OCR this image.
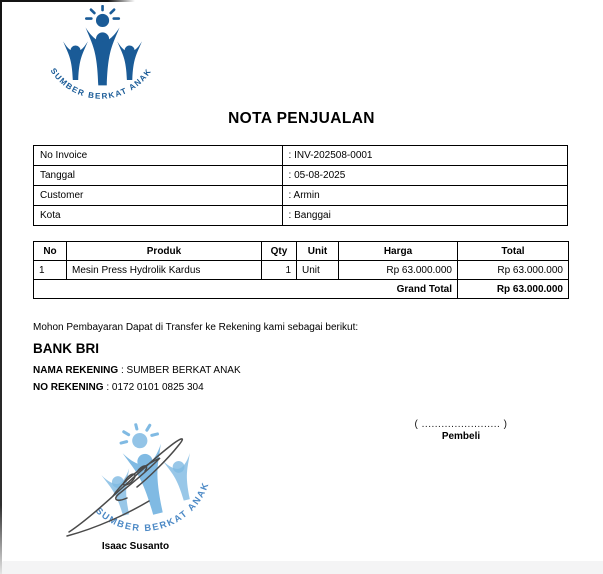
SUMBER BERKAT ANAK
NOTA PENJUALAN
No Invoice	: INV-202508-0001
Tanggal	: 05-08-2025
Customer	: Armin
Kota	: Banggai
No	Produk	Qty	Unit	Harga	Total
1	Mesin Press Hydrolik Kardus	1	Unit	Rp 63.000.000	Rp 63.000.000
Grand Total					Rp 63.000.000
Mohon Pembayaran Dapat di Transfer ke Rekening kami sebagai berikut:
BANK BRI
NAMA REKENING : SUMBER BERKAT ANAK
NO REKENING : 0172 0101 0825 304
( ........................ )
Pembeli
SUMBER BERKAT ANAK
Isaac Susanto
